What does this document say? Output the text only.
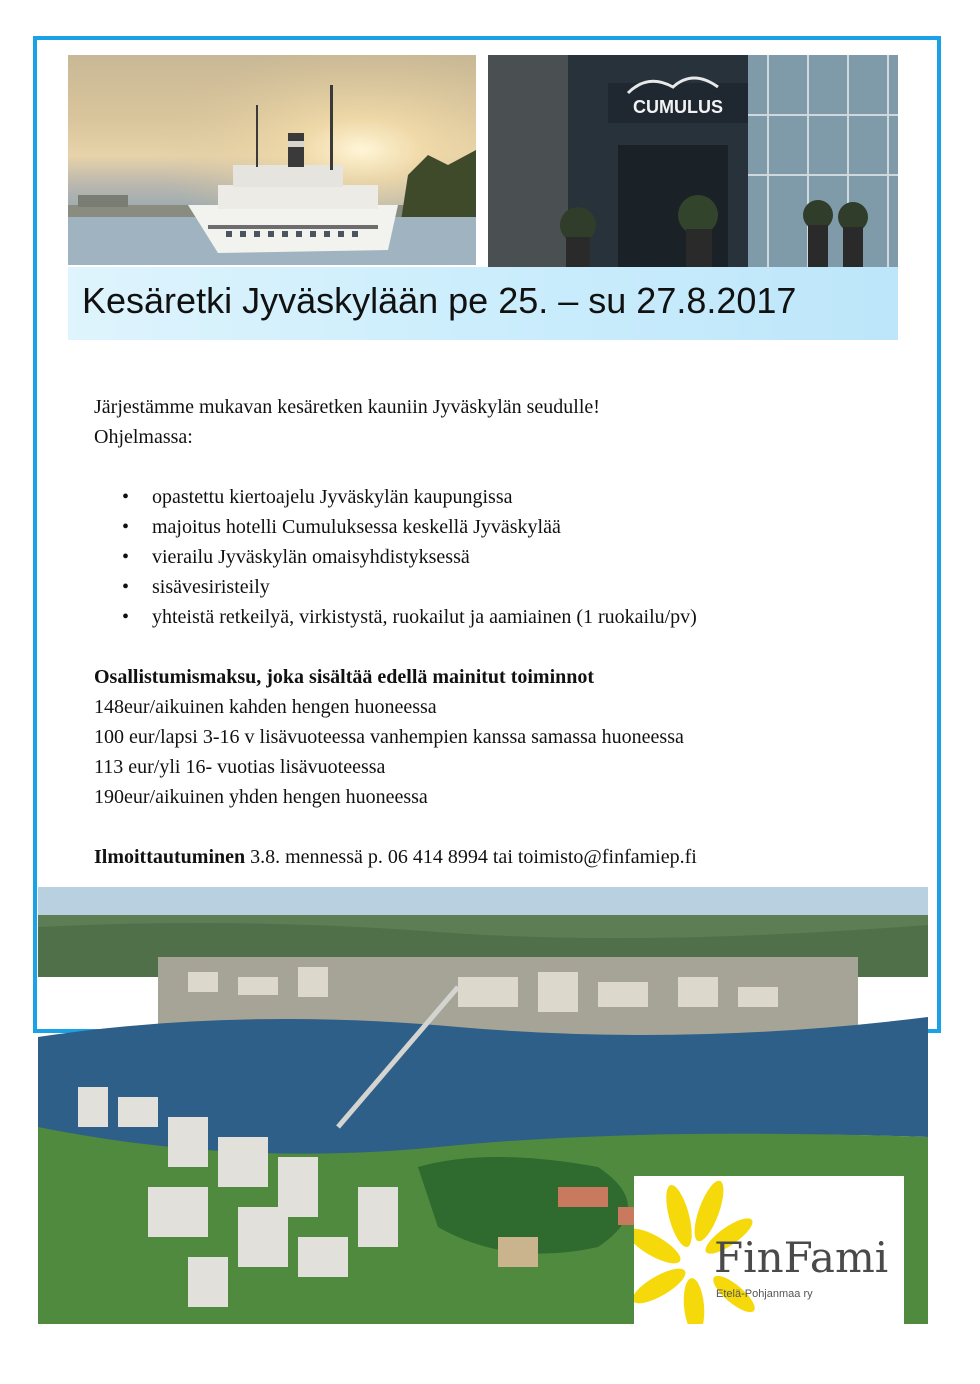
CUMULUS
Kesäretki Jyväskylään pe 25. – su 27.8.2017

Järjestämme mukavan kesäretken kauniin Jyväskylän seudulle!

Ohjelmassa:

• opastettu kiertoajelu Jyväskylän kaupungissa
• majoitus hotelli Cumuluksessa keskellä Jyväskylää
• vierailu Jyväskylän omaisyhdistyksessä
• sisävesiristeily
• yhteistä retkeilyä, virkistystä, ruokailut ja aamiainen (1 ruokailu/pv)

Osallistumismaksu, joka sisältää edellä mainitut toiminnot

148eur/aikuinen kahden hengen huoneessa

100 eur/lapsi 3-16 v lisävuoteessa vanhempien kanssa samassa huoneessa

113 eur/yli 16- vuotias lisävuoteessa

190eur/aikuinen yhden hengen huoneessa

Ilmoittautuminen 3.8. mennessä p. 06 414 8994 tai toimisto@finfamiep.fi

FinFami
Etelä-Pohjanmaa ry
